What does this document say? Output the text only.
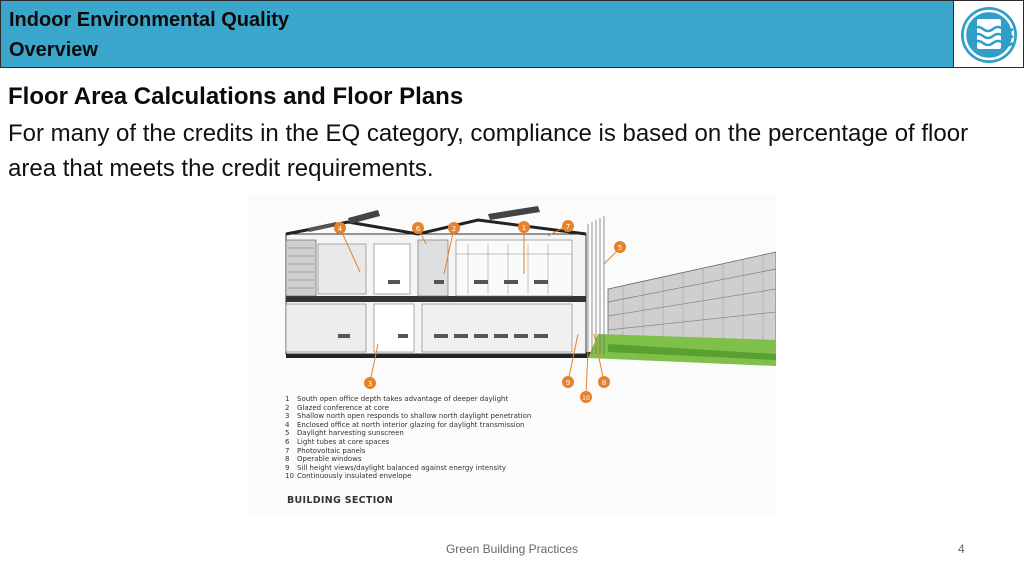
Indoor Environmental Quality
Overview
Floor Area Calculations and Floor Plans
For many of the credits in the EQ category, compliance is based on the percentage of floor area that meets the credit requirements.
4	6	2	1	7
5
3	9	8
10
1 South open office depth takes advantage of deeper daylight
2 Glazed conference at core
3 Shallow north open responds to shallow north daylight penetration
4 Enclosed office at north interior glazing for daylight transmission
5 Daylight harvesting sunscreen
6 Light tubes at core spaces
7 Photovoltaic panels
8 Operable windows
9 Sill height views/daylight balanced against energy intensity
10 Continuously insulated envelope
BUILDING SECTION
Green Building Practices	4
